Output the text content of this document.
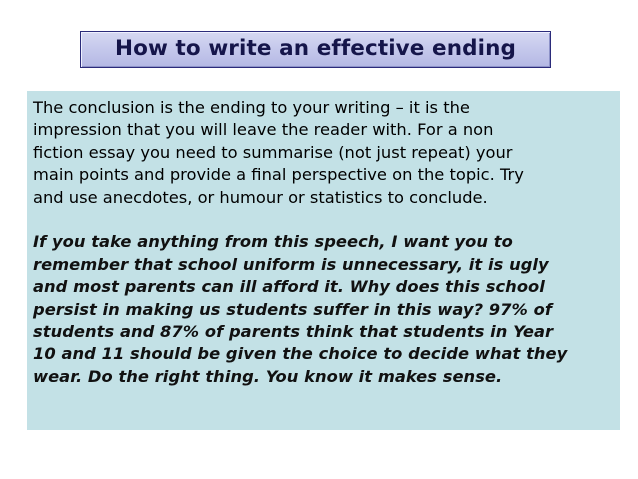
How to write an effective ending

The conclusion is the ending to your writing – it is the
impression that you will leave the reader with. For a non
fiction essay you need to summarise (not just repeat) your
main points and provide a final perspective on the topic. Try
and use anecdotes, or humour or statistics to conclude.

If you take anything from this speech, I want you to
remember that school uniform is unnecessary, it is ugly
and most parents can ill afford it. Why does this school
persist in making us students suffer in this way? 97% of
students and 87% of parents think that students in Year
10 and 11 should be given the choice to decide what they
wear. Do the right thing. You know it makes sense.
